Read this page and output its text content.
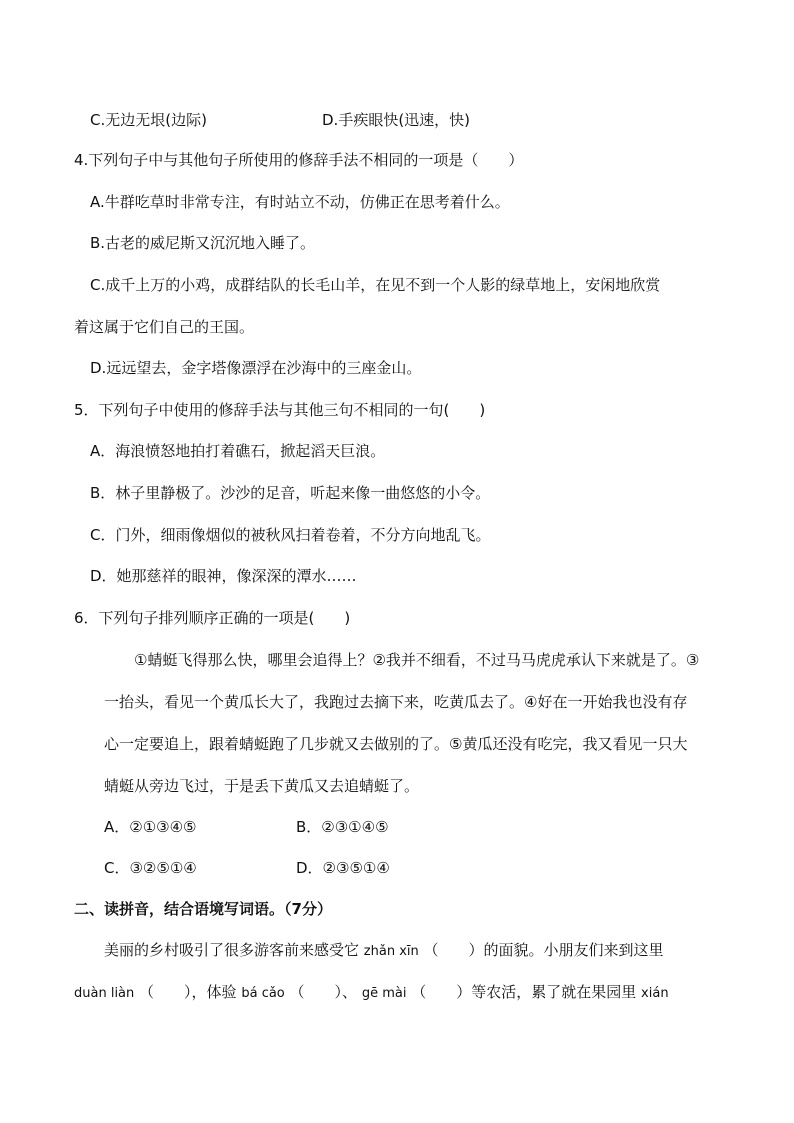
C.无边无垠(边际)	D.手疾眼快(迅速，快)
4.下列句子中与其他句子所使用的修辞手法不相同的一项是（　　）
A.牛群吃草时非常专注，有时站立不动，仿佛正在思考着什么。
B.古老的威尼斯又沉沉地入睡了。
C.成千上万的小鸡，成群结队的长毛山羊，在见不到一个人影的绿草地上，安闲地欣赏
着这属于它们自己的王国。
D.远远望去，金字塔像漂浮在沙海中的三座金山。
5．下列句子中使用的修辞手法与其他三句不相同的一句(　　)
A．海浪愤怒地拍打着礁石，掀起滔天巨浪。
B．林子里静极了。沙沙的足音，听起来像一曲悠悠的小令。
C．门外，细雨像烟似的被秋风扫着卷着，不分方向地乱飞。
D．她那慈祥的眼神，像深深的潭水……
6．下列句子排列顺序正确的一项是(　　)
①蜻蜓飞得那么快，哪里会追得上？②我并不细看，不过马马虎虎承认下来就是了。③
一抬头，看见一个黄瓜长大了，我跑过去摘下来，吃黄瓜去了。④好在一开始我也没有存
心一定要追上，跟着蜻蜓跑了几步就又去做别的了。⑤黄瓜还没有吃完，我又看见一只大
蜻蜓从旁边飞过，于是丢下黄瓜又去追蜻蜓了。
A．②①③④⑤	B．②③①④⑤
C．③②⑤①④	D．②③⑤①④
二、读拼音，结合语境写词语。（7分）
美丽的乡村吸引了很多游客前来感受它 zhǎn xīn （　　）的面貌。小朋友们来到这里
duàn liàn （　　），体验 bá cǎo （　　）、 gē mài （　　）等农活，累了就在果园里 xián
